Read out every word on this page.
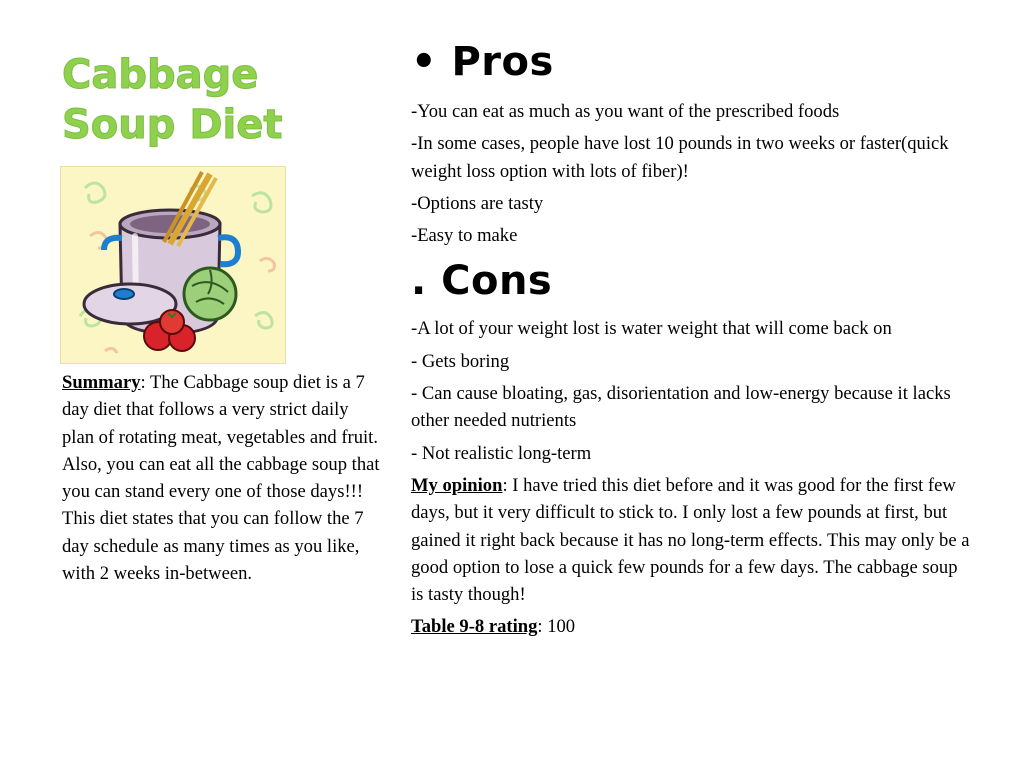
Cabbage
Soup Diet

Summary: The Cabbage soup diet is a 7 day diet that follows a very strict daily plan of rotating meat, vegetables and fruit. Also, you can eat all the cabbage soup that you can stand every one of those days!!! This diet states that you can follow the 7 day schedule as many times as you like, with 2 weeks in-between.

• Pros

-You can eat as much as you want of the prescribed foods

-In some cases, people have lost 10 pounds in two weeks or faster(quick weight loss option with lots of fiber)!

-Options are tasty

-Easy to make

. Cons

-A lot of your weight lost is water weight that will come back on

- Gets boring

- Can cause bloating, gas, disorientation and low-energy because it lacks other needed nutrients

- Not realistic long-term

My opinion: I have tried this diet before and it was good for the first few days, but it very difficult to stick to. I only lost a few pounds at first, but gained it right back because it has no long-term effects. This may only be a good option to lose a quick few pounds for a few days. The cabbage soup is tasty though!

Table 9-8 rating: 100
